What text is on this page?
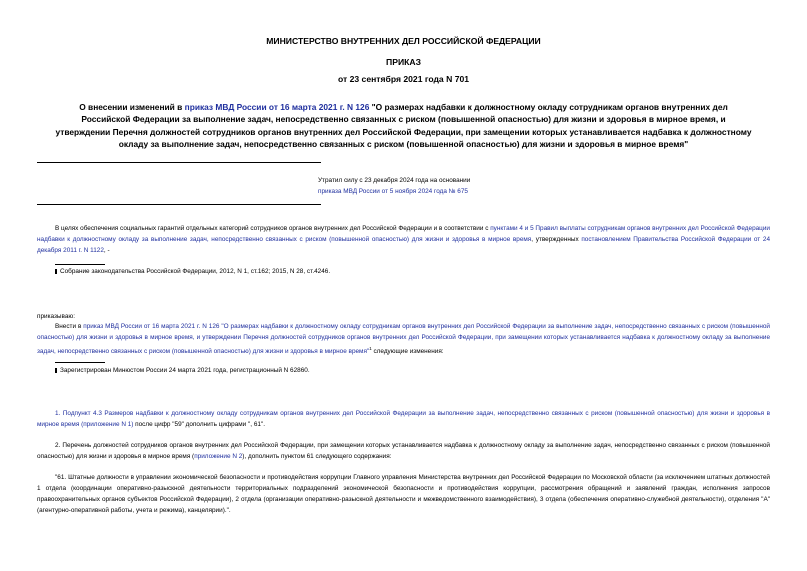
МИНИСТЕРСТВО ВНУТРЕННИХ ДЕЛ РОССИЙСКОЙ ФЕДЕРАЦИИ
ПРИКАЗ
от 23 сентября 2021 года N 701
О внесении изменений в приказ МВД России от 16 марта 2021 г. N 126 "О размерах надбавки к должностному окладу сотрудникам органов внутренних дел Российской Федерации за выполнение задач, непосредственно связанных с риском (повышенной опасностью) для жизни и здоровья в мирное время, и утверждении Перечня должностей сотрудников органов внутренних дел Российской Федерации, при замещении которых устанавливается надбавка к должностному окладу за выполнение задач, непосредственно связанных с риском (повышенной опасностью) для жизни и здоровья в мирное время"
Утратил силу с 23 декабря 2024 года на основании
приказа МВД России от 5 ноября 2024 года № 675
В целях обеспечения социальных гарантий отдельных категорий сотрудников органов внутренних дел Российской Федерации и в соответствии с пунктами 4 и 5 Правил выплаты сотрудникам органов внутренних дел Российской Федерации надбавки к должностному окладу за выполнение задач, непосредственно связанных с риском (повышенной опасностью) для жизни и здоровья в мирное время, утвержденных постановлением Правительства Российской Федерации от 24 декабря 2011 г. N 1122, -
Собрание законодательства Российской Федерации, 2012, N 1, ст.162; 2015, N 28, ст.4246.
приказываю:
Внести в приказ МВД России от 16 марта 2021 г. N 126 "О размерах надбавки к должностному окладу сотрудникам органов внутренних дел Российской Федерации за выполнение задач, непосредственно связанных с риском (повышенной опасностью) для жизни и здоровья в мирное время, и утверждении Перечня должностей сотрудников органов внутренних дел Российской Федерации, при замещении которых устанавливается надбавка к должностному окладу за выполнение задач, непосредственно связанных с риском (повышенной опасностью) для жизни и здоровья в мирное время"$^1$ следующие изменения:
Зарегистрирован Минюстом России 24 марта 2021 года, регистрационный N 62860.
1. Подпункт 4.3 Размеров надбавки к должностному окладу сотрудникам органов внутренних дел Российской Федерации за выполнение задач, непосредственно связанных с риском (повышенной опасностью) для жизни и здоровья в мирное время (приложение N 1) после цифр "59" дополнить цифрами ", 61".
2. Перечень должностей сотрудников органов внутренних дел Российской Федерации, при замещении которых устанавливается надбавка к должностному окладу за выполнение задач, непосредственно связанных с риском (повышенной опасностью) для жизни и здоровья в мирное время (приложение N 2), дополнить пунктом 61 следующего содержания:
"61. Штатные должности в управлении экономической безопасности и противодействия коррупции Главного управления Министерства внутренних дел Российской Федерации по Московской области (за исключением штатных должностей 1 отдела (координации оперативно-разыскной деятельности территориальных подразделений экономической безопасности и противодействия коррупции, рассмотрения обращений и заявлений граждан, исполнения запросов правоохранительных органов субъектов Российской Федерации), 2 отдела (организации оперативно-разыскной деятельности и межведомственного взаимодействия), 3 отдела (обеспечения оперативно-служебной деятельности), отделения "А" (агентурно-оперативной работы, учета и режима), канцелярии).".
